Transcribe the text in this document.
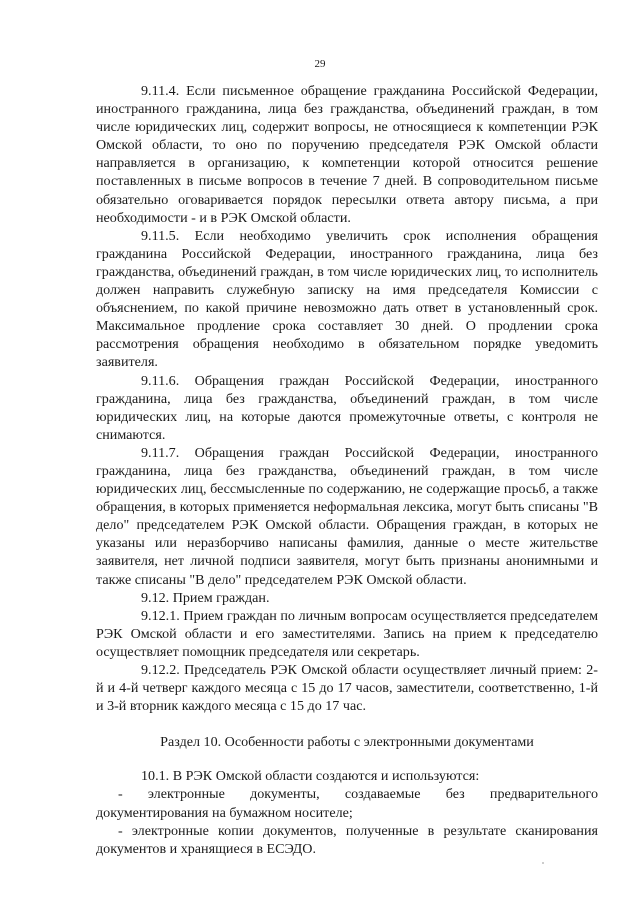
29

9.11.4. Если письменное обращение гражданина Российской Федерации, иностранного гражданина, лица без гражданства, объединений граждан, в том числе юридических лиц, содержит вопросы, не относящиеся к компетенции РЭК Омской области, то оно по поручению председателя РЭК Омской области направляется в организацию, к компетенции которой относится решение поставленных в письме вопросов в течение 7 дней. В сопроводительном письме обязательно оговаривается порядок пересылки ответа автору письма, а при необходимости - и в РЭК Омской области.

9.11.5. Если необходимо увеличить срок исполнения обращения гражданина Российской Федерации, иностранного гражданина, лица без гражданства, объединений граждан, в том числе юридических лиц, то исполнитель должен направить служебную записку на имя председателя Комиссии с объяснением, по какой причине невозможно дать ответ в установленный срок. Максимальное продление срока составляет 30 дней. О продлении срока рассмотрения обращения необходимо в обязательном порядке уведомить заявителя.

9.11.6. Обращения граждан Российской Федерации, иностранного гражданина, лица без гражданства, объединений граждан, в том числе юридических лиц, на которые даются промежуточные ответы, с контроля не снимаются.

9.11.7. Обращения граждан Российской Федерации, иностранного гражданина, лица без гражданства, объединений граждан, в том числе юридических лиц, бессмысленные по содержанию, не содержащие просьб, а также обращения, в которых применяется неформальная лексика, могут быть списаны "В дело" председателем РЭК Омской области. Обращения граждан, в которых не указаны или неразборчиво написаны фамилия, данные о месте жительстве заявителя, нет личной подписи заявителя, могут быть признаны анонимными и также списаны "В дело" председателем РЭК Омской области.

9.12. Прием граждан.

9.12.1. Прием граждан по личным вопросам осуществляется председателем РЭК Омской области и его заместителями. Запись на прием к председателю осуществляет помощник председателя или секретарь.

9.12.2. Председатель РЭК Омской области осуществляет личный прием: 2-й и 4-й четверг каждого месяца с 15 до 17 часов, заместители, соответственно, 1-й и 3-й вторник каждого месяца с 15 до 17 час.

Раздел 10. Особенности работы с электронными документами

10.1. В РЭК Омской области создаются и используются:

- электронные документы, создаваемые без предварительного документирования на бумажном носителе;

- электронные копии документов, полученные в результате сканирования документов и хранящиеся в ЕСЭДО.
